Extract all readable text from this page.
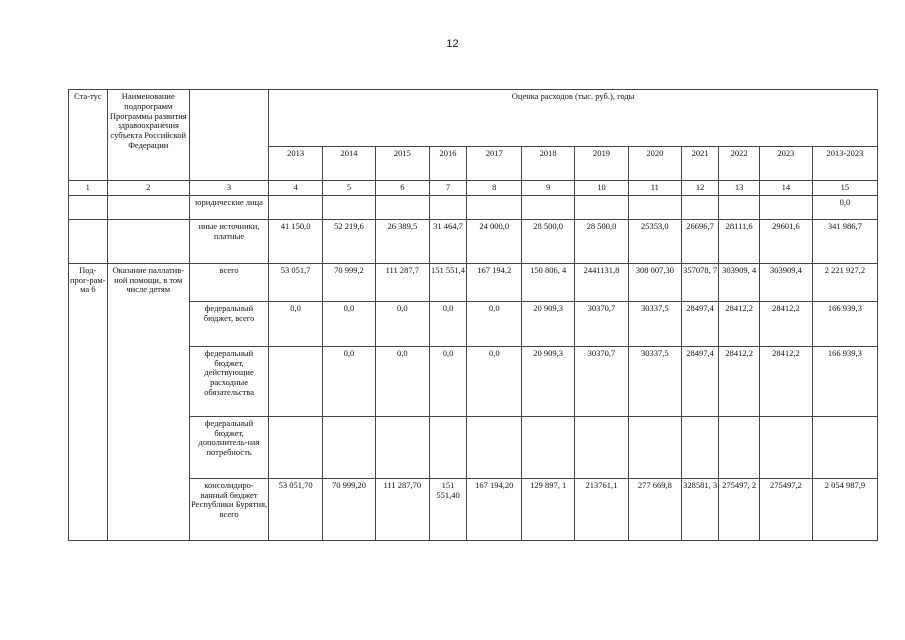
12
Ста-тус	Наименование подпрограмм Программы развития здравоохранения субъекта Российской Федерации		Оценка расходов (тыс. руб.), годы											
			2013	2014	2015	2016	2017	2018	2019	2020	2021	2022	2023	2013-2023
1	2	3	4	5	6	7	8	9	10	11	12	13	14	15
		юридические лица												0,0
		иные источники, платные	41 150,0	52 219,6	26 389,5	31 464,7	24 000,0	28 500,0	28 500,0	25353,0	26696,7	28111,6	29601,6	341 986,7
Под-прог-рам-ма 6	Оказание паллатив-ной помощи, в том числе детям	всего	53 051,7	70 999,2	111 287,7	151 551,4	167 194,2	150 806, 4	2441131,8	308 007,30	357078, 7	303909, 4	303909,4	2 221 927,2
		федеральный бюджет, всего	0,0	0,0	0,0	0,0	0,0	20 909,3	30370,7	30337,5	28497,4	28412,2	28412,2	166 939,3
		федеральный бюджет, действующие расходные обязательства		0,0	0,0	0,0	0,0	20 909,3	30370,7	30337,5	28497,4	28412,2	28412,2	166 939,3
		федеральный бюджет, дополнитель-ная потребность												
		консолидиро-ванный бюджет Республики Бурятия, всего	53 051,70	70 999,20	111 287,70	151 551,40	167 194,20	129 897, 1	213761,1	277 669,8	328581, 3	275497, 2	275497,2	2 054 987,9
